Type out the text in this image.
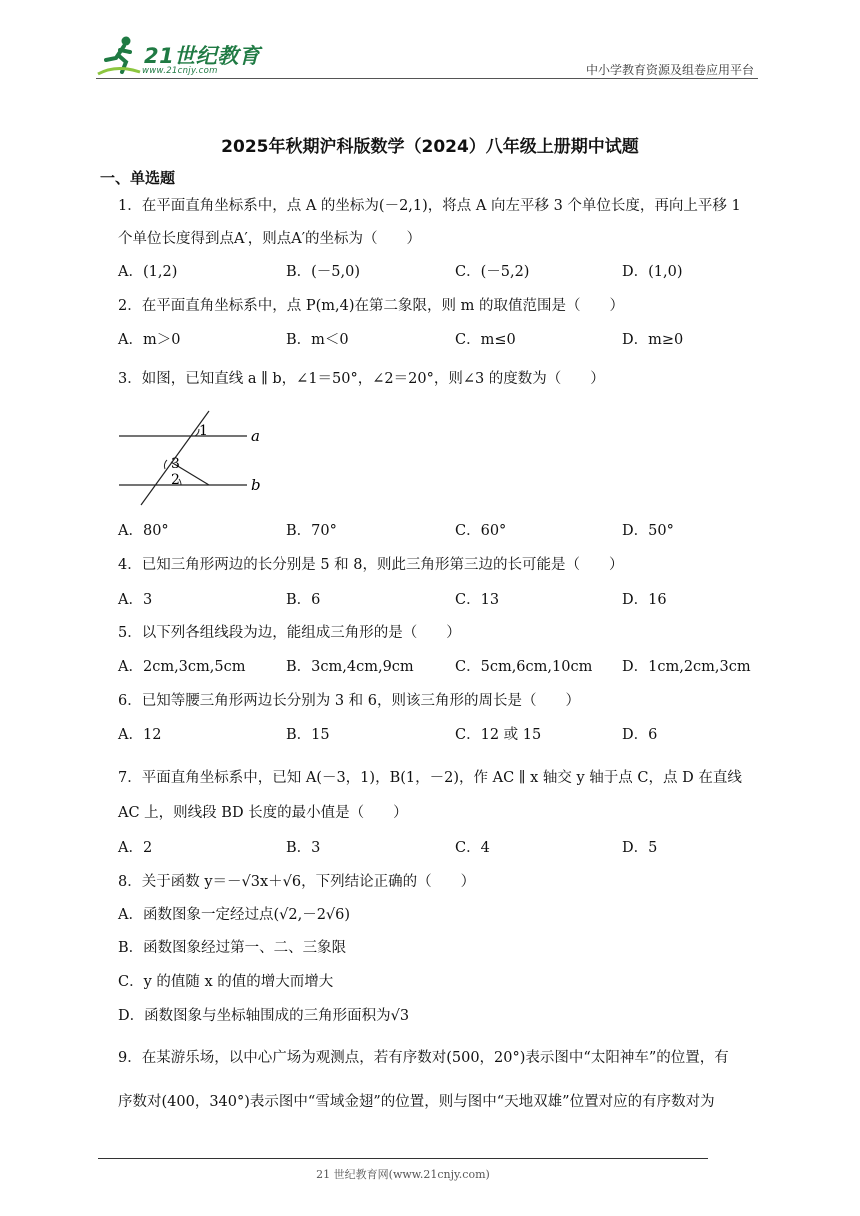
21世纪教育
www.21cnjy.com	中小学教育资源及组卷应用平台
2025年秋期沪科版数学（2024）八年级上册期中试题
一、单选题
1．在平面直角坐标系中，点 A 的坐标为(－2,1)，将点 A 向左平移 3 个单位长度，再向上平移 1
个单位长度得到点A′，则点A′的坐标为（　　）
A．(1,2)	B．(－5,0)	C．(－5,2)	D．(1,0)
2．在平面直角坐标系中，点 P(m,4)在第二象限，则 m 的取值范围是（　　）
A．m＞0	B．m＜0	C．m≤0	D．m≥0
3．如图，已知直线 a ∥ b，∠1＝50°，∠2＝20°，则∠3 的度数为（　　）
1
3
2
a
b
A．80°	B．70°	C．60°	D．50°
4．已知三角形两边的长分别是 5 和 8，则此三角形第三边的长可能是（　　）
A．3	B．6	C．13	D．16
5．以下列各组线段为边，能组成三角形的是（　　）
A．2cm,3cm,5cm	B．3cm,4cm,9cm	C．5cm,6cm,10cm D．1cm,2cm,3cm
6．已知等腰三角形两边长分别为 3 和 6，则该三角形的周长是（　　）
A．12	B．15	C．12 或 15	D．6
7．平面直角坐标系中，已知 A(－3，1)，B(1，－2)，作 AC ∥ x 轴交 y 轴于点 C，点 D 在直线
AC 上，则线段 BD 长度的最小值是（　　）
A．2	B．3	C．4	D．5
8．关于函数 y＝－√3x＋√6，下列结论正确的（　　）
A．函数图象一定经过点(√2,－2√6)
B．函数图象经过第一、二、三象限
C．y 的值随 x 的值的增大而增大
D．函数图象与坐标轴围成的三角形面积为√3
9．在某游乐场，以中心广场为观测点，若有序数对(500，20°)表示图中“太阳神车”的位置，有
序数对(400，340°)表示图中“雪域金翅”的位置，则与图中“天地双雄”位置对应的有序数对为
21 世纪教育网(www.21cnjy.com)
